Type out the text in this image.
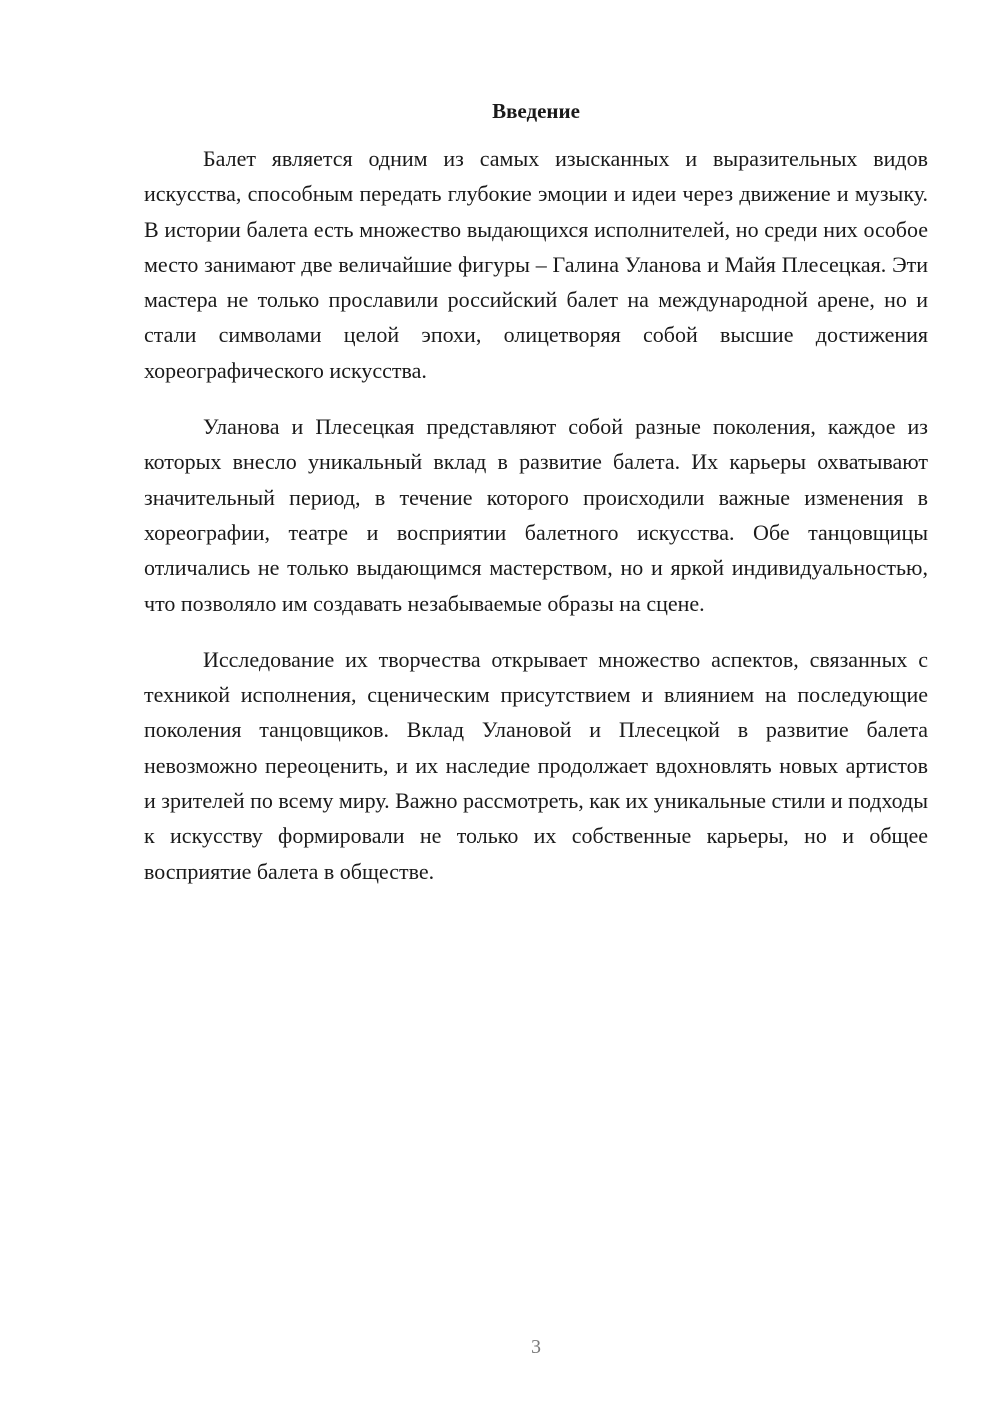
Введение

Балет является одним из самых изысканных и выразительных видов искусства, способным передать глубокие эмоции и идеи через движение и музыку. В истории балета есть множество выдающихся исполнителей, но среди них особое место занимают две величайшие фигуры – Галина Уланова и Майя Плесецкая. Эти мастера не только прославили российский балет на международной арене, но и стали символами целой эпохи, олицетворяя собой высшие достижения хореографического искусства.

Уланова и Плесецкая представляют собой разные поколения, каждое из которых внесло уникальный вклад в развитие балета. Их карьеры охватывают значительный период, в течение которого происходили важные изменения в хореографии, театре и восприятии балетного искусства. Обе танцовщицы отличались не только выдающимся мастерством, но и яркой индивидуальностью, что позволяло им создавать незабываемые образы на сцене.

Исследование их творчества открывает множество аспектов, связанных с техникой исполнения, сценическим присутствием и влиянием на последующие поколения танцовщиков. Вклад Улановой и Плесецкой в развитие балета невозможно переоценить, и их наследие продолжает вдохновлять новых артистов и зрителей по всему миру. Важно рассмотреть, как их уникальные стили и подходы к искусству формировали не только их собственные карьеры, но и общее восприятие балета в обществе.

3
